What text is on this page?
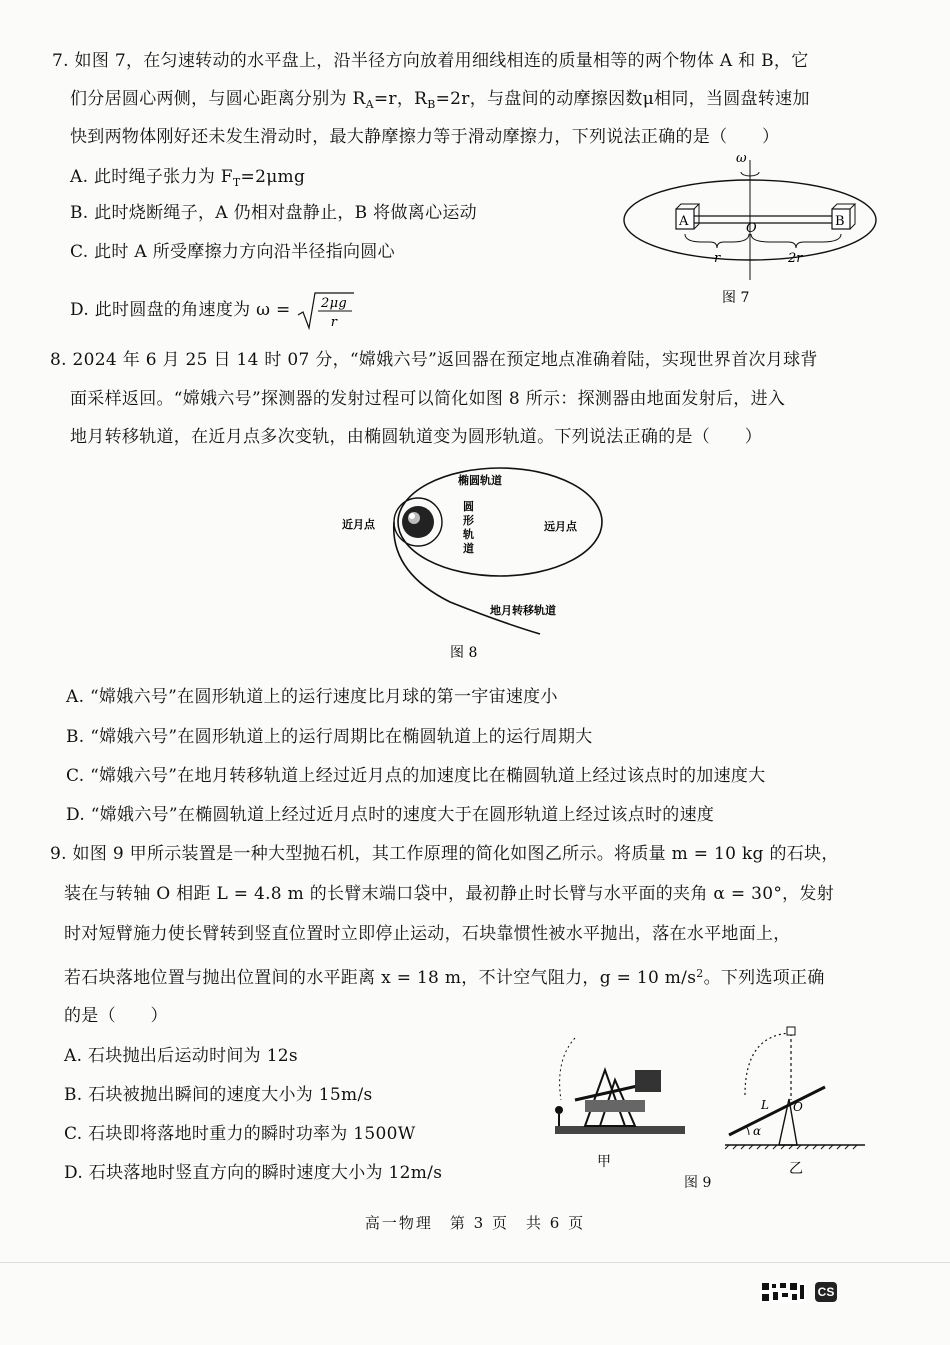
7. 如图 7，在匀速转动的水平盘上，沿半径方向放着用细线相连的质量相等的两个物体 A 和 B，它
们分居圆心两侧，与圆心距离分别为 $R_A=r$，$R_B=2r$，与盘间的动摩擦因数μ相同，当圆盘转速加
快到两物体刚好还未发生滑动时，最大静摩擦力等于滑动摩擦力，下列说法正确的是（　　）
A. 此时绳子张力为 $F_T=2\mu mg$
B. 此时烧断绳子，A 仍相对盘静止，B 将做离心运动
C. 此时 A 所受摩擦力方向沿半径指向圆心
D. 此时圆盘的角速度为 ω = 2μg
r
ω
A	B
O
r	2r
图 7
8. 2024 年 6 月 25 日 14 时 07 分，“嫦娥六号”返回器在预定地点准确着陆，实现世界首次月球背
面采样返回。“嫦娥六号”探测器的发射过程可以简化如图 8 所示：探测器由地面发射后，进入
地月转移轨道，在近月点多次变轨，由椭圆轨道变为圆形轨道。下列说法正确的是（　　）
椭圆轨道
圆
形
轨
道
近月点	远月点
地月转移轨道
图 8
A. “嫦娥六号”在圆形轨道上的运行速度比月球的第一宇宙速度小
B. “嫦娥六号”在圆形轨道上的运行周期比在椭圆轨道上的运行周期大
C. “嫦娥六号”在地月转移轨道上经过近月点的加速度比在椭圆轨道上经过该点时的加速度大
D. “嫦娥六号”在椭圆轨道上经过近月点时的速度大于在圆形轨道上经过该点时的速度
9. 如图 9 甲所示装置是一种大型抛石机，其工作原理的简化如图乙所示。将质量 m = 10 kg 的石块，
装在与转轴 O 相距 L = 4.8 m 的长臂末端口袋中，最初静止时长臂与水平面的夹角 α = 30°，发射
时对短臂施力使长臂转到竖直位置时立即停止运动，石块靠惯性被水平抛出，落在水平地面上，
若石块落地位置与抛出位置间的水平距离 x = 18 m，不计空气阻力，g = 10 $m/s^2$。下列选项正确
的是（　　）
A. 石块抛出后运动时间为 12s
B. 石块被抛出瞬间的速度大小为 15m/s
C. 石块即将落地时重力的瞬时功率为 1500W
D. 石块落地时竖直方向的瞬时速度大小为 12m/s
甲
α
L O
乙
图 9
高一物理　第 3 页　共 6 页
CS
